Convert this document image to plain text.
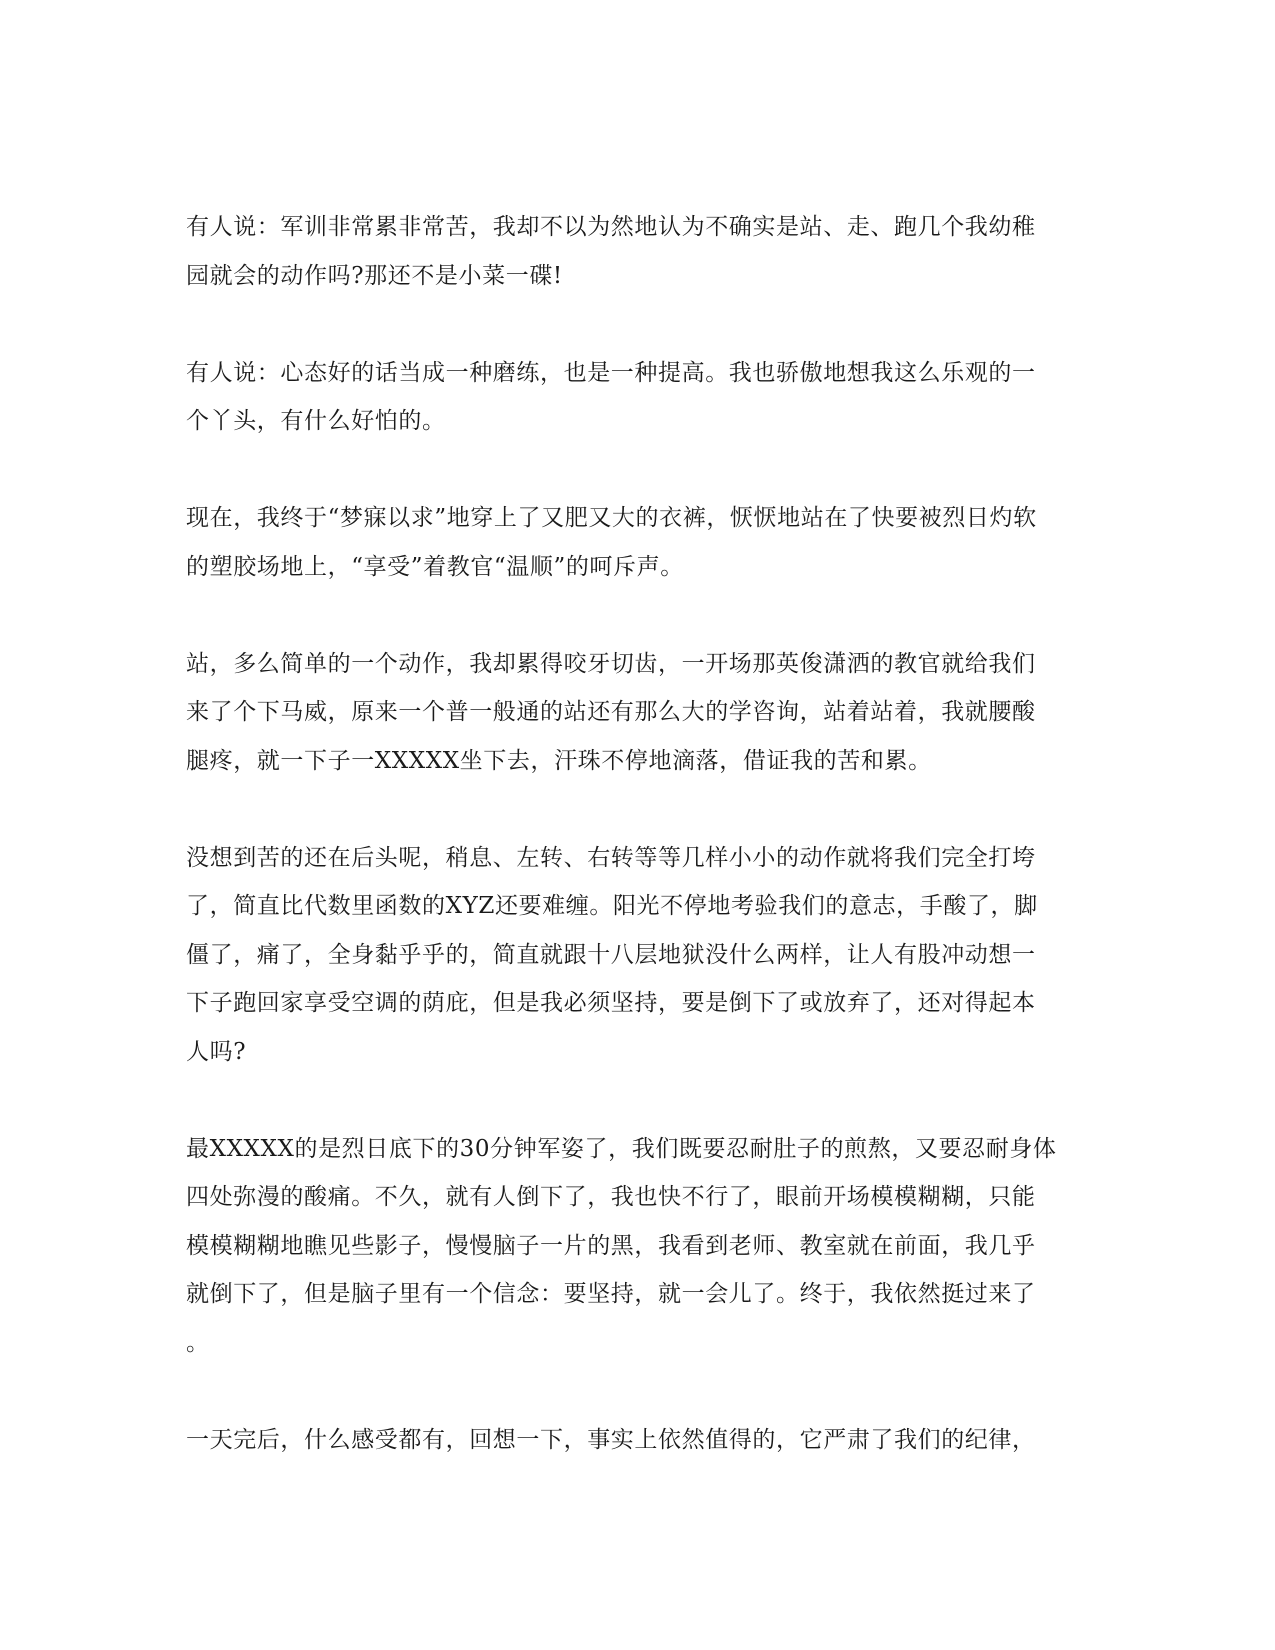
有人说：军训非常累非常苦，我却不以为然地认为不确实是站、走、跑几个我幼稚
园就会的动作吗?那还不是小菜一碟!

有人说：心态好的话当成一种磨练，也是一种提高。我也骄傲地想我这么乐观的一
个丫头，有什么好怕的。

现在，我终于“梦寐以求”地穿上了又肥又大的衣裤，恹恹地站在了快要被烈日灼软
的塑胶场地上，“享受”着教官“温顺”的呵斥声。

站，多么简单的一个动作，我却累得咬牙切齿，一开场那英俊潇洒的教官就给我们
来了个下马威，原来一个普一般通的站还有那么大的学咨询，站着站着，我就腰酸
腿疼，就一下子一XXXXX坐下去，汗珠不停地滴落，借证我的苦和累。

没想到苦的还在后头呢，稍息、左转、右转等等几样小小的动作就将我们完全打垮
了，简直比代数里函数的XYZ还要难缠。阳光不停地考验我们的意志，手酸了，脚
僵了，痛了，全身黏乎乎的，简直就跟十八层地狱没什么两样，让人有股冲动想一
下子跑回家享受空调的荫庇，但是我必须坚持，要是倒下了或放弃了，还对得起本
人吗?

最XXXXX的是烈日底下的30分钟军姿了，我们既要忍耐肚子的煎熬，又要忍耐身体
四处弥漫的酸痛。不久，就有人倒下了，我也快不行了，眼前开场模模糊糊，只能
模模糊糊地瞧见些影子，慢慢脑子一片的黑，我看到老师、教室就在前面，我几乎
就倒下了，但是脑子里有一个信念：要坚持，就一会儿了。终于，我依然挺过来了
。

一天完后，什么感受都有，回想一下，事实上依然值得的，它严肃了我们的纪律，
